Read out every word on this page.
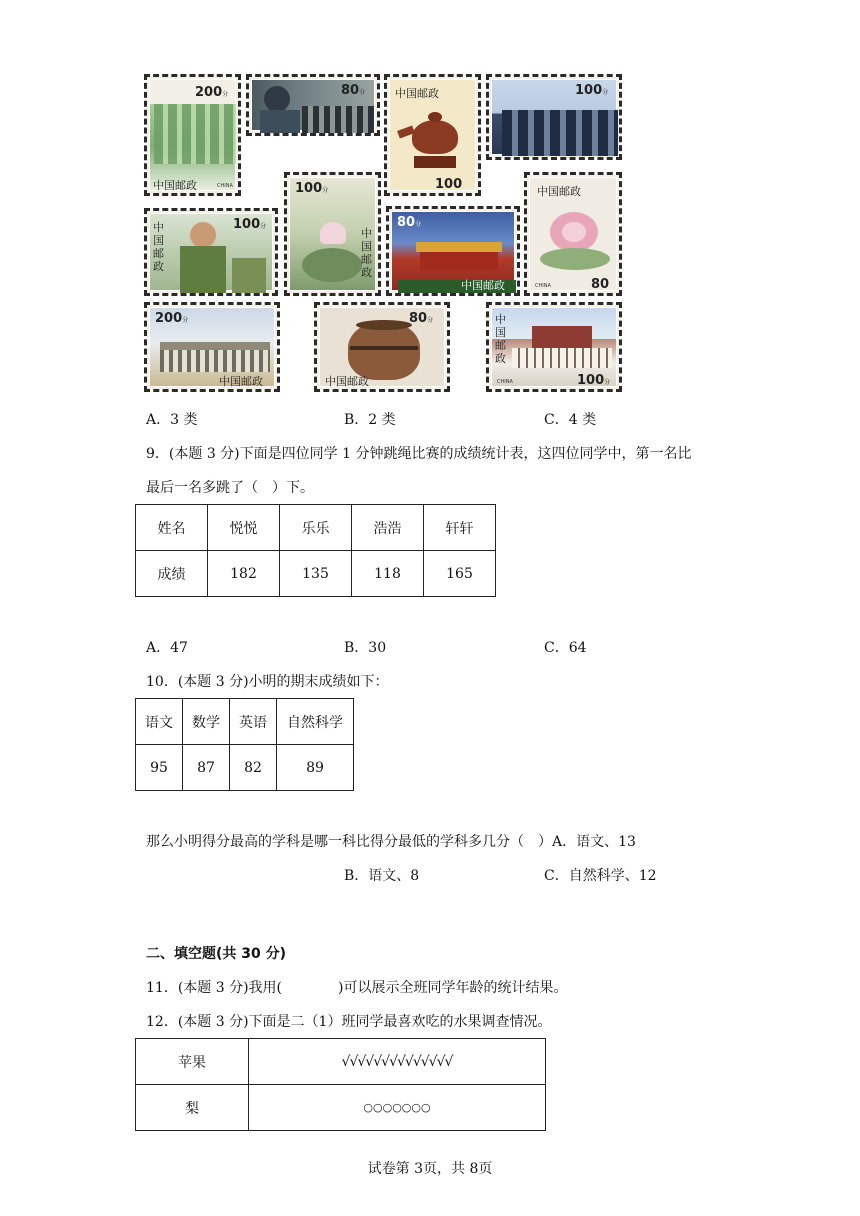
200分
中国邮政	CHINA
80分	中国邮政
100
100分
100分
中国邮政
中国邮政
100分	80分
中国邮政
中国邮政
CHINA	80
200分
中国邮政
80分
中国邮政
中国邮政
CHINA	100分
A．3 类	B．2 类	C．4 类
9．(本题 3 分)下面是四位同学 1 分钟跳绳比赛的成绩统计表，这四位同学中，第一名比
最后一名多跳了（　）下。
姓名	悦悦	乐乐	浩浩	轩轩
成绩	182	135	118	165
A．47	B．30	C．64
10．(本题 3 分)小明的期末成绩如下：
语文	数学	英语	自然科学
95	87	82	89
那么小明得分最高的学科是哪一科比得分最低的学科多几分（　）A．语文、13
B．语文、8	C．自然科学、12
二、填空题(共 30 分)
11．(本题 3 分)我用(　　　　)可以展示全班同学年龄的统计结果。
12．(本题 3 分)下面是二（1）班同学最喜欢吃的水果调查情况。
苹果	√√√√√√√√√√√√√√
梨	○○○○○○○
试卷第 3页，共 8页
